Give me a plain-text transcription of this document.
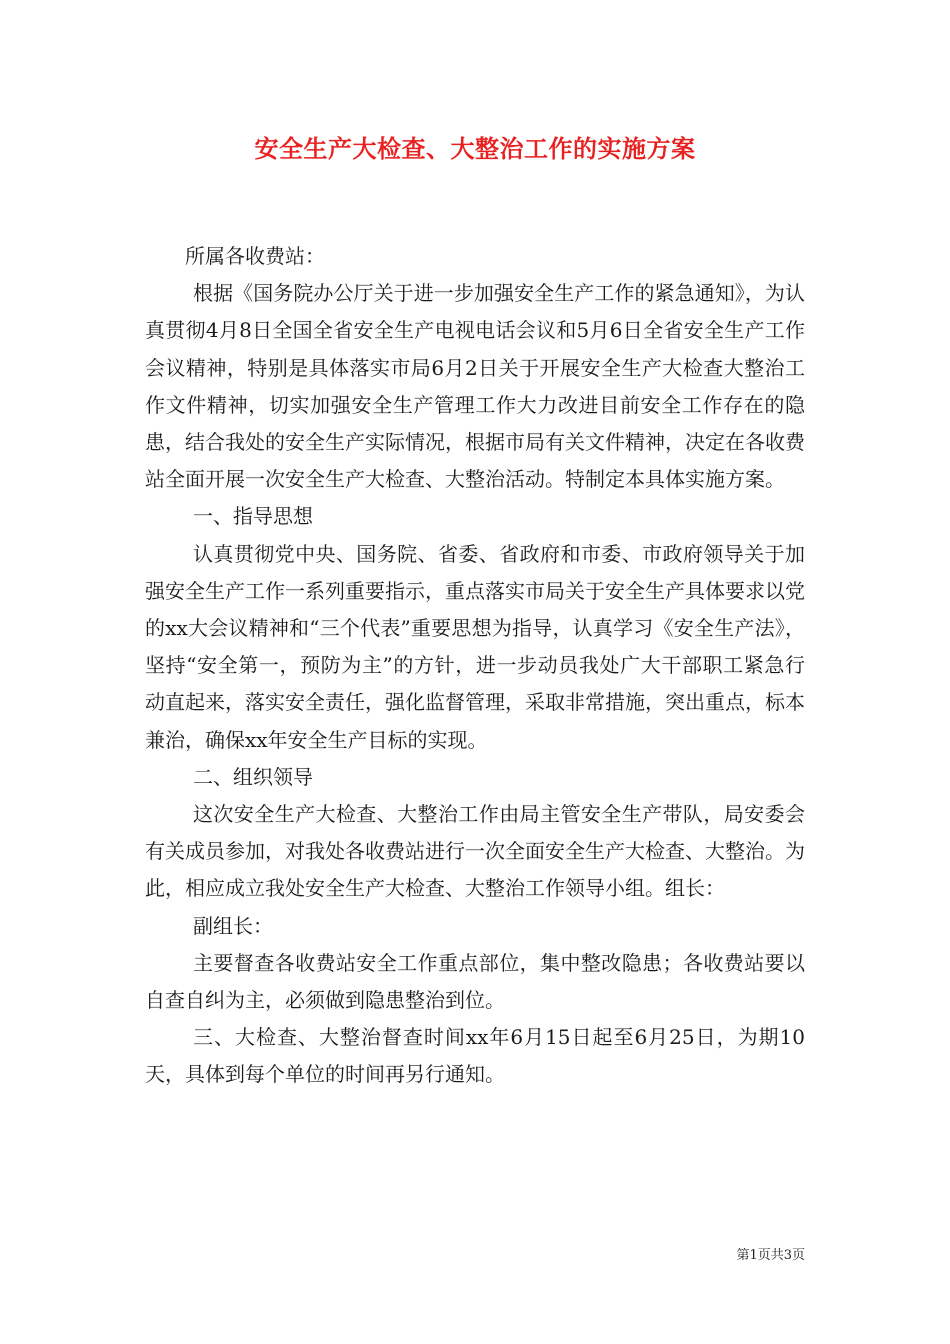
安全生产大检查、大整治工作的实施方案

所属各收费站：

根据《国务院办公厅关于进一步加强安全生产工作的紧急通知》，为认真贯彻4月8日全国全省安全生产电视电话会议和5月6日全省安全生产工作会议精神，特别是具体落实市局6月2日关于开展安全生产大检查大整治工作文件精神，切实加强安全生产管理工作大力改进目前安全工作存在的隐患，结合我处的安全生产实际情况，根据市局有关文件精神，决定在各收费站全面开展一次安全生产大检查、大整治活动。特制定本具体实施方案。

一、指导思想

认真贯彻党中央、国务院、省委、省政府和市委、市政府领导关于加强安全生产工作一系列重要指示，重点落实市局关于安全生产具体要求以党的xx大会议精神和“三个代表”重要思想为指导，认真学习《安全生产法》，坚持“安全第一，预防为主”的方针，进一步动员我处广大干部职工紧急行动直起来，落实安全责任，强化监督管理，采取非常措施，突出重点，标本兼治，确保xx年安全生产目标的实现。

二、组织领导

这次安全生产大检查、大整治工作由局主管安全生产带队，局安委会有关成员参加，对我处各收费站进行一次全面安全生产大检查、大整治。为此，相应成立我处安全生产大检查、大整治工作领导小组。组长：

副组长：

主要督查各收费站安全工作重点部位，集中整改隐患；各收费站要以自查自纠为主，必须做到隐患整治到位。

三、大检查、大整治督查时间xx年6月15日起至6月25日，为期10天，具体到每个单位的时间再另行通知。

第1页共3页
